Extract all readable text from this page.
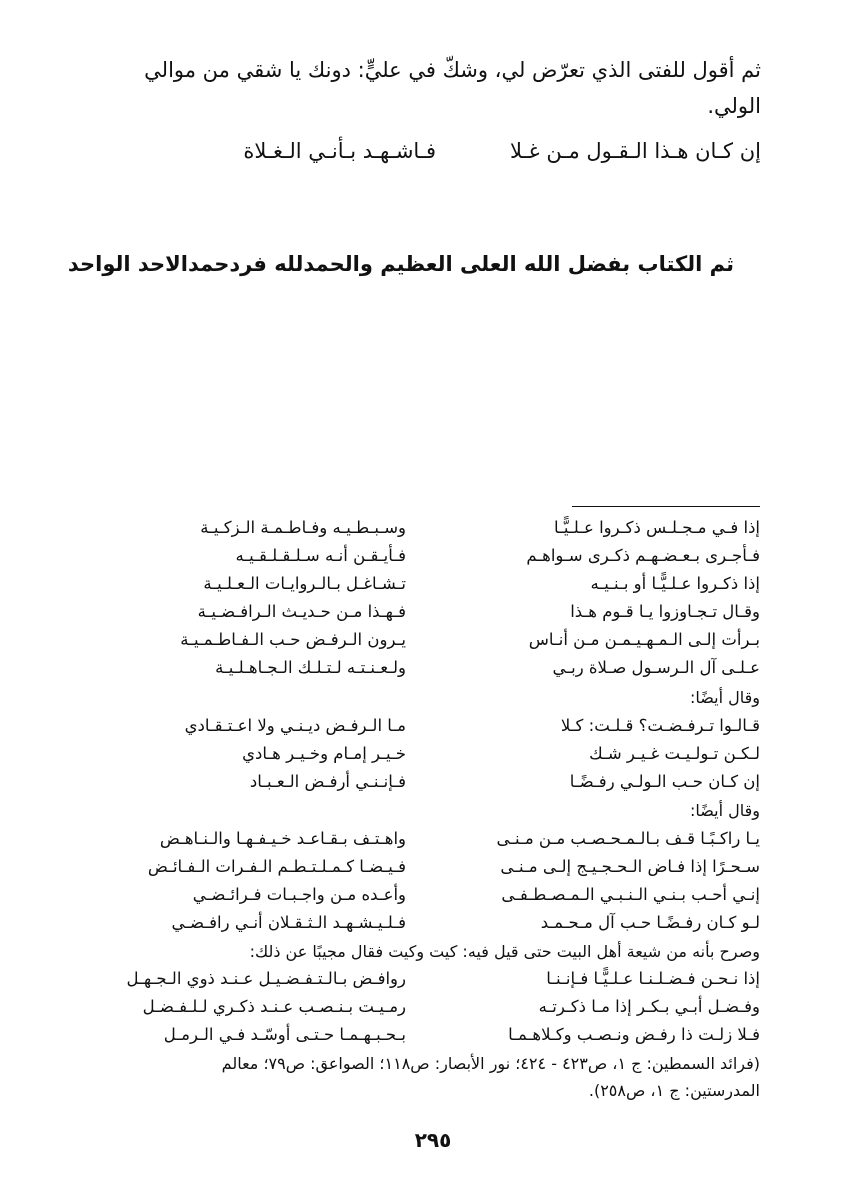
ثم أقول للفتى الذي تعرّض لي، وشكّ في عليٍّ: دونك يا شقي من موالي
الولي.
إن كـان هـذا الـقـول مـن غـلا
فـاشـهـد بـأنـي الـغـلاة
ثم الكتاب بفضل الله العلى العظيم والحمدلله فردحمدالاحد الواحد
إذا فـي مـجـلـس ذكـروا عـلـيًّـا
وسـبـطـيـه وفـاطـمـة الـزكـيـة
فـأجـرى بـعـضـهـم ذكـرى سـواهـم
فـأيـقـن أنـه سـلـقـلـقـيـه
إذا ذكـروا عـلـيًّـا أو بـنـيـه
تـشـاغـل بـالـروايـات الـعـلـيـة
وقـال تـجـاوزوا يـا قـوم هـذا
فـهـذا مـن حـديـث الـرافـضـيـة
بـرأت إلـى الـمـهـيـمـن مـن أنـاس
يـرون الـرفـض حـب الـفـاطـمـيـة
عـلـى آل الـرسـول صـلاة ربـي
ولـعـنـتـه لـتـلـك الـجـاهـلـيـة
وقال أيضًا:
قـالـوا تـرفـضـت؟ قـلـت: كـلا
مـا الـرفـض ديـنـي ولا اعـتـقـادي
لـكـن تـولـيـت غـيـر شـك
خـيـر إمـام وخـيـر هـادي
إن كـان حـب الـولـي رفـضًـا
فـإنـنـي أرفـض الـعـبـاد
وقال أيضًا:
يـا راكـبًـا قـف بـالـمـحـصـب مـن مـنـى
واهـتـف بـقـاعـد خـيـفـهـا والـنـاهـض
سـحـرًا إذا فـاض الـحـجـيـج إلـى مـنـى
فـيـضـا كـمـلـتـطـم الـفـرات الـفـائـض
إنـي أحـب بـنـي الـنـبـي الـمـصـطـفـى
وأعـده مـن واجـبـات فـرائـضـي
لـو كـان رفـضًـا حـب آل مـحـمـد
فـلـيـشـهـد الـثـقـلان أنـي رافـضـي
وصرح بأنه من شيعة أهل البيت حتى قيل فيه: كيت وكيت فقال مجيبًا عن ذلك:
إذا نـحـن فـضـلـنـا عـلـيًّـا فـإنـنـا
روافـض بـالـتـفـضـيـل عـنـد ذوي الـجـهـل
وفـضـل أبـي بـكـر إذا مـا ذكـرتـه
رمـيـت بـنـصـب عـنـد ذكـري لـلـفـضـل
فـلا زلـت ذا رفـض ونـصـب وكـلاهـمـا
بـحـبـهـمـا حـتـى أوسّـد فـي الـرمـل
(فرائد السمطين: ج ١، ص٤٢٣ - ٤٢٤؛ نور الأبصار: ص١١٨؛ الصواعق: ص٧٩؛ معالم
المدرستين: ج ١، ص٢٥٨).
٢٩٥
